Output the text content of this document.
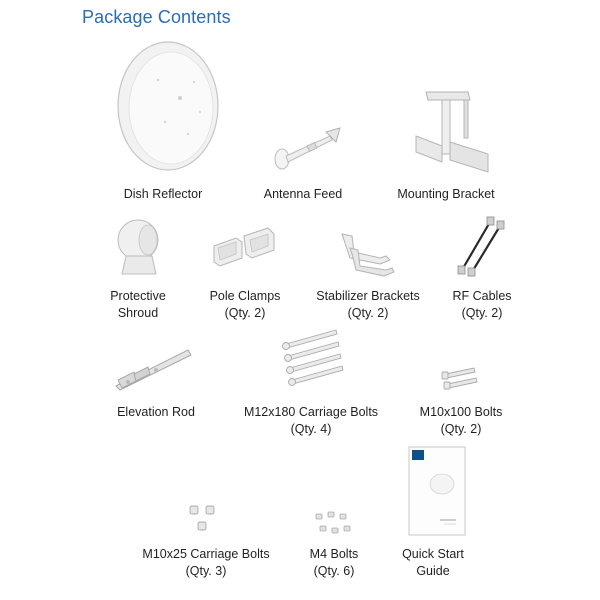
Package Contents
Dish Reflector	Antenna Feed	Mounting Bracket
Protective
Shroud
Pole Clamps
(Qty. 2)
Stabilizer Brackets
(Qty. 2)
RF Cables
(Qty. 2)
Elevation Rod	M12x180 Carriage Bolts
(Qty. 4)
M10x100 Bolts
(Qty. 2)
M10x25 Carriage Bolts
(Qty. 3)
M4 Bolts
(Qty. 6)
Quick Start
Guide
